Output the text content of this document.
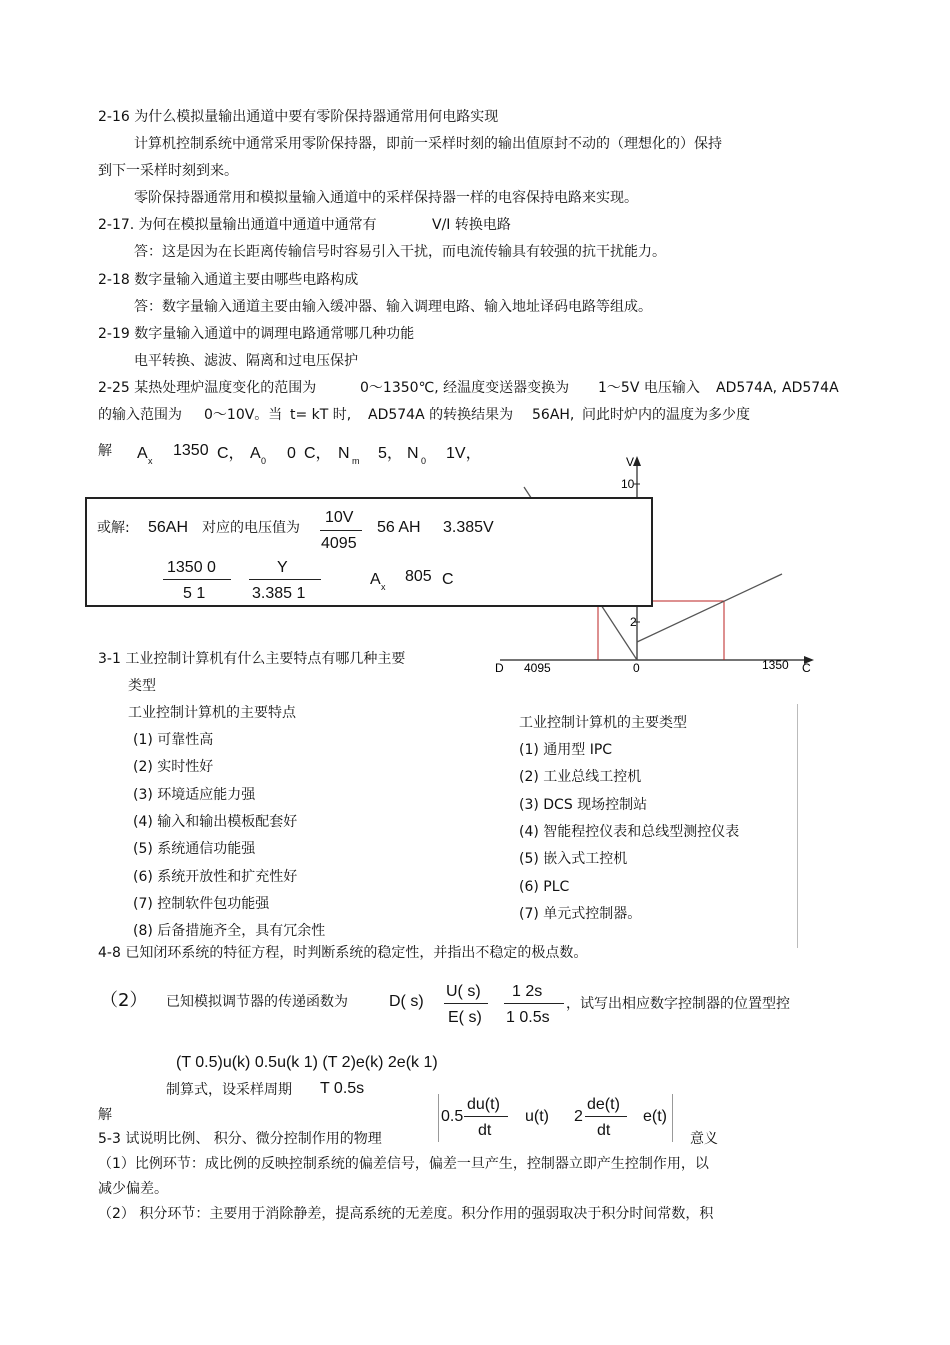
V
10
2
D 4095	0	1350 C
2-16 为什么模拟量输出通道中要有零阶保持器通常用何电路实现
计算机控制系统中通常采用零阶保持器，即前一采样时刻的输出值原封不动的（理想化的）保持
到下一采样时刻到来。
零阶保持器通常用和模拟量输入通道中的采样保持器一样的电容保持电路来实现。
2-17. 为何在模拟量输出通道中通道中通常有	V/I 转换电路
答：这是因为在长距离传输信号时容易引入干扰，而电流传输具有较强的抗干扰能力。
2-18 数字量输入通道主要由哪些电路构成
答：数字量输入通道主要由输入缓冲器、输入调理电路、输入地址译码电路等组成。
2-19 数字量输入通道中的调理电路通常哪几种功能
电平转换、滤波、隔离和过电压保护
2-25 某热处理炉温度变化的范围为	0～1350℃, 经温度变送器变换为 1～5V 电压输入 AD574A, AD574A
的输入范围为 0～10V。当 t= kT 时, AD574A 的转换结果为 56AH, 问此时炉内的温度为多少度
解 A x
1350 C， A 0 0 C， N m 5， N 0 1V，
或解: 56AH 对应的电压值为
10V
4095
56 AH 3.385V
1350 0
5 1
Y
3.385 1
A x
805 C
3-1 工业控制计算机有什么主要特点有哪几种主要
类型
工业控制计算机的主要特点
(1) 可靠性高
(2) 实时性好
(3) 环境适应能力强
(4) 输入和输出模板配套好
(5) 系统通信功能强
(6) 系统开放性和扩充性好
(7) 控制软件包功能强
(8) 后备措施齐全，具有冗余性
工业控制计算机的主要类型
(1) 通用型 IPC
(2) 工业总线工控机
(3) DCS 现场控制站
(4) 智能程控仪表和总线型测控仪表
(5) 嵌入式工控机
(6) PLC
(7) 单元式控制器。
4-8 已知闭环系统的特征方程，时判断系统的稳定性，并指出不稳定的极点数。
（2） 已知模拟调节器的传递函数为	D( s)
U( s)
E( s)
1 2s
1 0.5s
，试写出相应数字控制器的位置型控
(T 0.5)u(k) 0.5u(k 1) (T 2)e(k) 2e(k 1)
制算式，设采样周期 T 0.5s
解	0.5
du(t)
dt
u(t) 2
de(t)
dt
e(t)
5-3 试说明比例、 积分、微分控制作用的物理	意义
（1）比例环节：成比例的反映控制系统的偏差信号，偏差一旦产生，控制器立即产生控制作用，以
减少偏差。
（2） 积分环节：主要用于消除静差，提高系统的无差度。积分作用的强弱取决于积分时间常数，积
